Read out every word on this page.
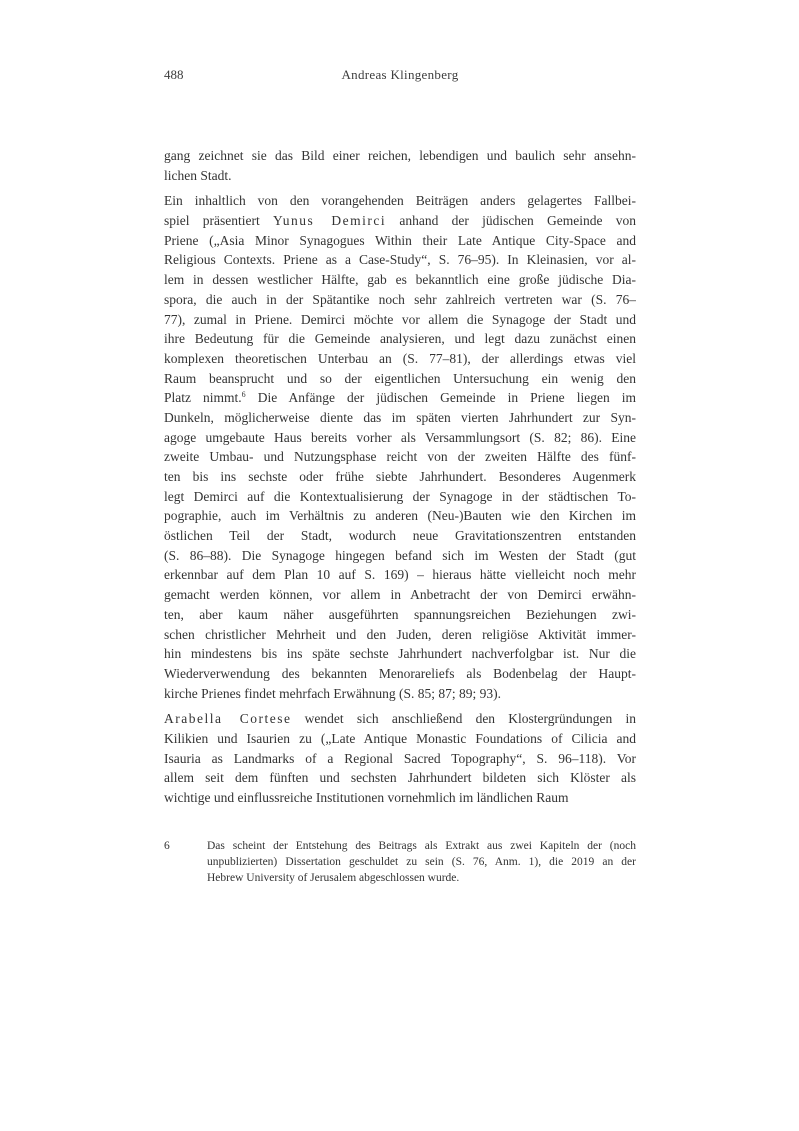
488	Andreas Klingenberg
gang zeichnet sie das Bild einer reichen, lebendigen und baulich sehr ansehn-
lichen Stadt.
Ein inhaltlich von den vorangehenden Beiträgen anders gelagertes Fallbei-
spiel präsentiert Yunus Demirci anhand der jüdischen Gemeinde von
Priene („Asia Minor Synagogues Within their Late Antique City-Space and
Religious Contexts. Priene as a Case-Study“, S. 76–95). In Kleinasien, vor al-
lem in dessen westlicher Hälfte, gab es bekanntlich eine große jüdische Dia-
spora, die auch in der Spätantike noch sehr zahlreich vertreten war (S. 76–
77), zumal in Priene. Demirci möchte vor allem die Synagoge der Stadt und
ihre Bedeutung für die Gemeinde analysieren, und legt dazu zunächst einen
komplexen theoretischen Unterbau an (S. 77–81), der allerdings etwas viel
Raum beansprucht und so der eigentlichen Untersuchung ein wenig den
Platz nimmt.$^6$ Die Anfänge der jüdischen Gemeinde in Priene liegen im
Dunkeln, möglicherweise diente das im späten vierten Jahrhundert zur Syn-
agoge umgebaute Haus bereits vorher als Versammlungsort (S. 82; 86). Eine
zweite Umbau- und Nutzungsphase reicht von der zweiten Hälfte des fünf-
ten bis ins sechste oder frühe siebte Jahrhundert. Besonderes Augenmerk
legt Demirci auf die Kontextualisierung der Synagoge in der städtischen To-
pographie, auch im Verhältnis zu anderen (Neu-)Bauten wie den Kirchen im
östlichen Teil der Stadt, wodurch neue Gravitationszentren entstanden
(S. 86–88). Die Synagoge hingegen befand sich im Westen der Stadt (gut
erkennbar auf dem Plan 10 auf S. 169) – hieraus hätte vielleicht noch mehr
gemacht werden können, vor allem in Anbetracht der von Demirci erwähn-
ten, aber kaum näher ausgeführten spannungsreichen Beziehungen zwi-
schen christlicher Mehrheit und den Juden, deren religiöse Aktivität immer-
hin mindestens bis ins späte sechste Jahrhundert nachverfolgbar ist. Nur die
Wiederverwendung des bekannten Menorareliefs als Bodenbelag der Haupt-
kirche Prienes findet mehrfach Erwähnung (S. 85; 87; 89; 93).
Arabella Cortese wendet sich anschließend den Klostergründungen in
Kilikien und Isaurien zu („Late Antique Monastic Foundations of Cilicia and
Isauria as Landmarks of a Regional Sacred Topography“, S. 96–118). Vor
allem seit dem fünften und sechsten Jahrhundert bildeten sich Klöster als
wichtige und einflussreiche Institutionen vornehmlich im ländlichen Raum
6	Das scheint der Entstehung des Beitrags als Extrakt aus zwei Kapiteln der (noch
unpublizierten) Dissertation geschuldet zu sein (S. 76, Anm. 1), die 2019 an der
Hebrew University of Jerusalem abgeschlossen wurde.
